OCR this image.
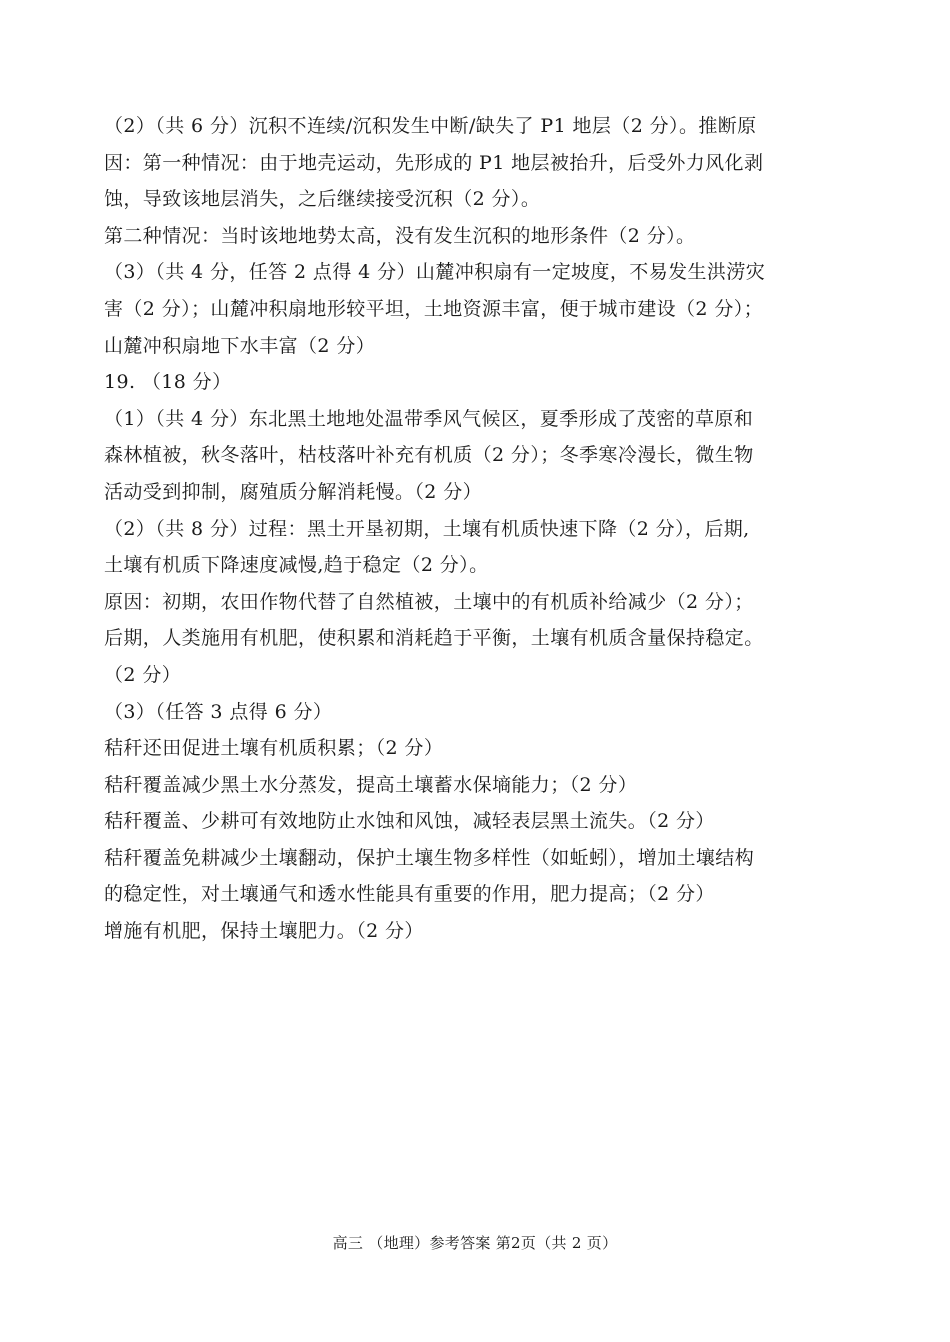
（2）（共 6 分）沉积不连续/沉积发生中断/缺失了 P1 地层（2 分）。推断原
因：第一种情况：由于地壳运动，先形成的 P1 地层被抬升，后受外力风化剥
蚀，导致该地层消失，之后继续接受沉积（2 分）。
第二种情况：当时该地地势太高，没有发生沉积的地形条件（2 分）。
（3）（共 4 分，任答 2 点得 4 分）山麓冲积扇有一定坡度，不易发生洪涝灾
害（2 分）；山麓冲积扇地形较平坦，土地资源丰富，便于城市建设（2 分）；
山麓冲积扇地下水丰富（2 分）
19. （18 分）
（1）（共 4 分）东北黑土地地处温带季风气候区，夏季形成了茂密的草原和
森林植被，秋冬落叶，枯枝落叶补充有机质（2 分）；冬季寒冷漫长，微生物
活动受到抑制，腐殖质分解消耗慢。（2 分）
（2）（共 8 分）过程：黑土开垦初期，土壤有机质快速下降（2 分），后期,
土壤有机质下降速度减慢,趋于稳定（2 分）。
原因：初期，农田作物代替了自然植被，土壤中的有机质补给减少（2 分）；
后期，人类施用有机肥，使积累和消耗趋于平衡，土壤有机质含量保持稳定。
（2 分）
（3）（任答 3 点得 6 分）
秸秆还田促进土壤有机质积累；（2 分）
秸秆覆盖减少黑土水分蒸发，提高土壤蓄水保墒能力；（2 分）
秸秆覆盖、少耕可有效地防止水蚀和风蚀，减轻表层黑土流失。（2 分）
秸秆覆盖免耕减少土壤翻动，保护土壤生物多样性（如蚯蚓），增加土壤结构
的稳定性，对土壤通气和透水性能具有重要的作用，肥力提高；（2 分）
增施有机肥，保持土壤肥力。（2 分）
高三 （地理）参考答案 第2页（共 2 页）
